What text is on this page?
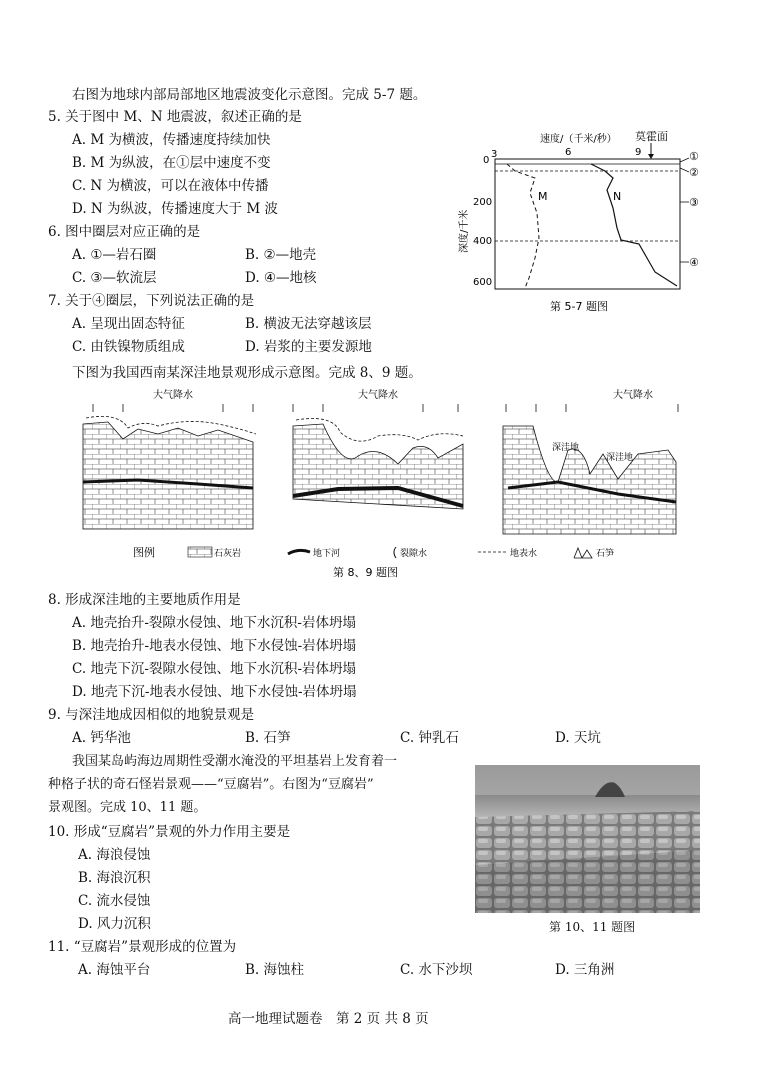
右图为地球内部局部地区地震波变化示意图。完成 5-7 题。
5. 关于图中 M、N 地震波，叙述正确的是
A. M 为横波，传播速度持续加快
B. M 为纵波，在①层中速度不变
C. N 为横波，可以在液体中传播
D. N 为纵波，传播速度大于 M 波
6. 图中圈层对应正确的是
A. ①—岩石圈	B. ②—地壳
C. ③—软流层	D. ④—地核
7. 关于④圈层，下列说法正确的是
A. 呈现出固态特征	B. 横波无法穿越该层
C. 由铁镍物质组成	D. 岩浆的主要发源地
速度/（千米/秒） 莫霍面
3	6	9
0
200
400
600
深度/千米
M	N
①
②
③
④
第 5-7 题图
下图为我国西南某深洼地景观形成示意图。完成 8、9 题。
大气降水	大气降水	大气降水
深洼地
深洼地
图例	石灰岩	地下河	裂隙水	地表水	石笋
第 8、9 题图
8. 形成深洼地的主要地质作用是
A. 地壳抬升-裂隙水侵蚀、地下水沉积-岩体坍塌
B. 地壳抬升-地表水侵蚀、地下水侵蚀-岩体坍塌
C. 地壳下沉-裂隙水侵蚀、地下水沉积-岩体坍塌
D. 地壳下沉-地表水侵蚀、地下水侵蚀-岩体坍塌
9. 与深洼地成因相似的地貌景观是
A. 钙华池	B. 石笋	C. 钟乳石	D. 天坑
我国某岛屿海边周期性受潮水淹没的平坦基岩上发育着一
种格子状的奇石怪岩景观——“豆腐岩”。右图为“豆腐岩”
景观图。完成 10、11 题。
第 10、11 题图
10. 形成“豆腐岩”景观的外力作用主要是
A. 海浪侵蚀
B. 海浪沉积
C. 流水侵蚀
D. 风力沉积
11. “豆腐岩”景观形成的位置为
A. 海蚀平台	B. 海蚀柱	C. 水下沙坝	D. 三角洲
高一地理试题卷　第 2 页 共 8 页
